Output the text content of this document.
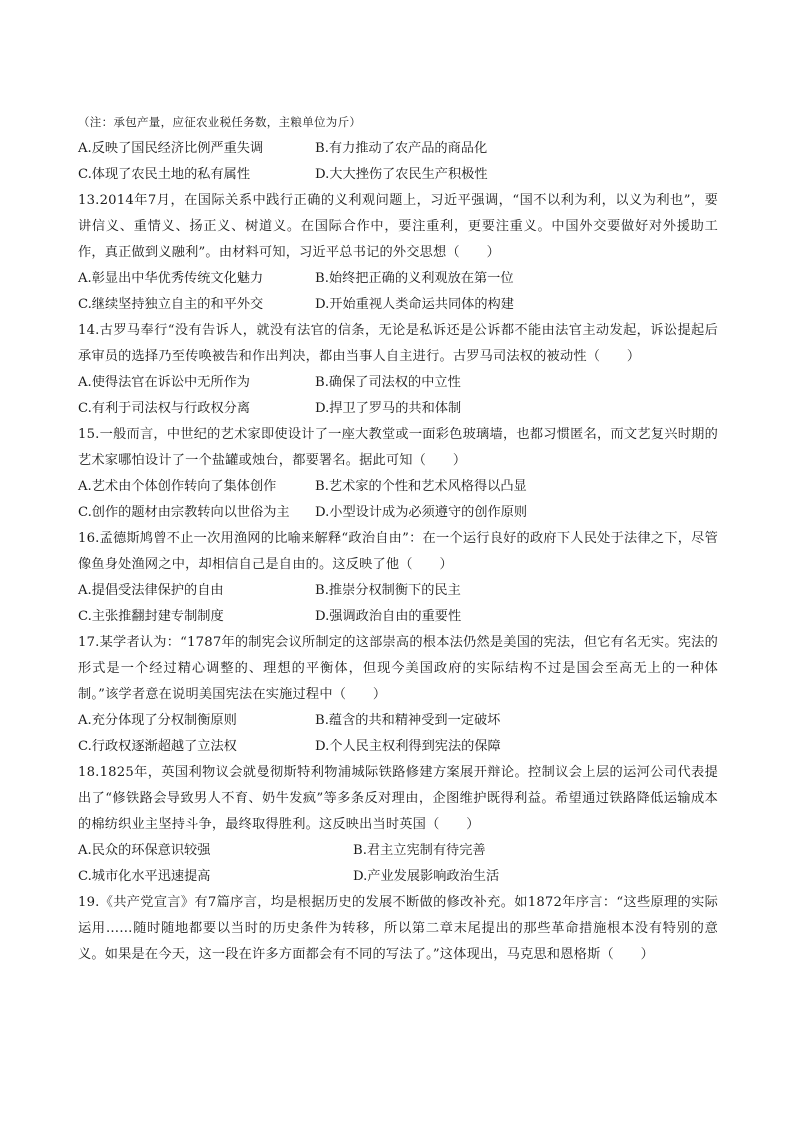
（注：承包产量，应征农业税任务数，主粮单位为斤）
A.反映了国民经济比例严重失调	B.有力推动了农产品的商品化
C.体现了农民土地的私有属性	D.大大挫伤了农民生产积极性
13.2014年7月，在国际关系中践行正确的义利观问题上，习近平强调，“国不以利为利，以义为利也”，要讲信义、重情义、扬正义、树道义。在国际合作中，要注重利，更要注重义。中国外交要做好对外援助工作，真正做到义融利”。由材料可知，习近平总书记的外交思想（　　）
A.彰显出中华优秀传统文化魅力	B.始终把正确的义利观放在第一位
C.继续坚持独立自主的和平外交	D.开始重视人类命运共同体的构建
14.古罗马奉行“没有告诉人，就没有法官的信条，无论是私诉还是公诉都不能由法官主动发起，诉讼提起后承审员的选择乃至传唤被告和作出判决，都由当事人自主进行。古罗马司法权的被动性（　　）
A.使得法官在诉讼中无所作为	B.确保了司法权的中立性
C.有利于司法权与行政权分离	D.捍卫了罗马的共和体制
15.一般而言，中世纪的艺术家即使设计了一座大教堂或一面彩色玻璃墙，也都习惯匿名，而文艺复兴时期的艺术家哪怕设计了一个盐罐或烛台，都要署名。据此可知（　　）
A.艺术由个体创作转向了集体创作	B.艺术家的个性和艺术风格得以凸显
C.创作的题材由宗教转向以世俗为主 D.小型设计成为必须遵守的创作原则
16.孟德斯鸠曾不止一次用渔网的比喻来解释“政治自由”：在一个运行良好的政府下人民处于法律之下，尽管像鱼身处渔网之中，却相信自己是自由的。这反映了他（　　）
A.提倡受法律保护的自由	B.推崇分权制衡下的民主
C.主张推翻封建专制制度	D.强调政治自由的重要性
17.某学者认为：“1787年的制宪会议所制定的这部崇高的根本法仍然是美国的宪法，但它有名无实。宪法的形式是一个经过精心调整的、理想的平衡体，但现今美国政府的实际结构不过是国会至高无上的一种体制。”该学者意在说明美国宪法在实施过程中（　　）
A.充分体现了分权制衡原则	B.蕴含的共和精神受到一定破坏
C.行政权逐渐超越了立法权	D.个人民主权利得到宪法的保障
18.1825年，英国利物议会就曼彻斯特利物浦城际铁路修建方案展开辩论。控制议会上层的运河公司代表提出了“修铁路会导致男人不育、奶牛发疯”等多条反对理由，企图维护既得利益。希望通过铁路降低运输成本的棉纺织业主坚持斗争，最终取得胜利。这反映出当时英国（　　）
A.民众的环保意识较强	B.君主立宪制有待完善
C.城市化水平迅速提高	D.产业发展影响政治生活
19.《共产党宣言》有7篇序言，均是根据历史的发展不断做的修改补充。如1872年序言：“这些原理的实际运用……随时随地都要以当时的历史条件为转移，所以第二章末尾提出的那些革命措施根本没有特别的意义。如果是在今天，这一段在许多方面都会有不同的写法了。”这体现出，马克思和恩格斯（　　）
